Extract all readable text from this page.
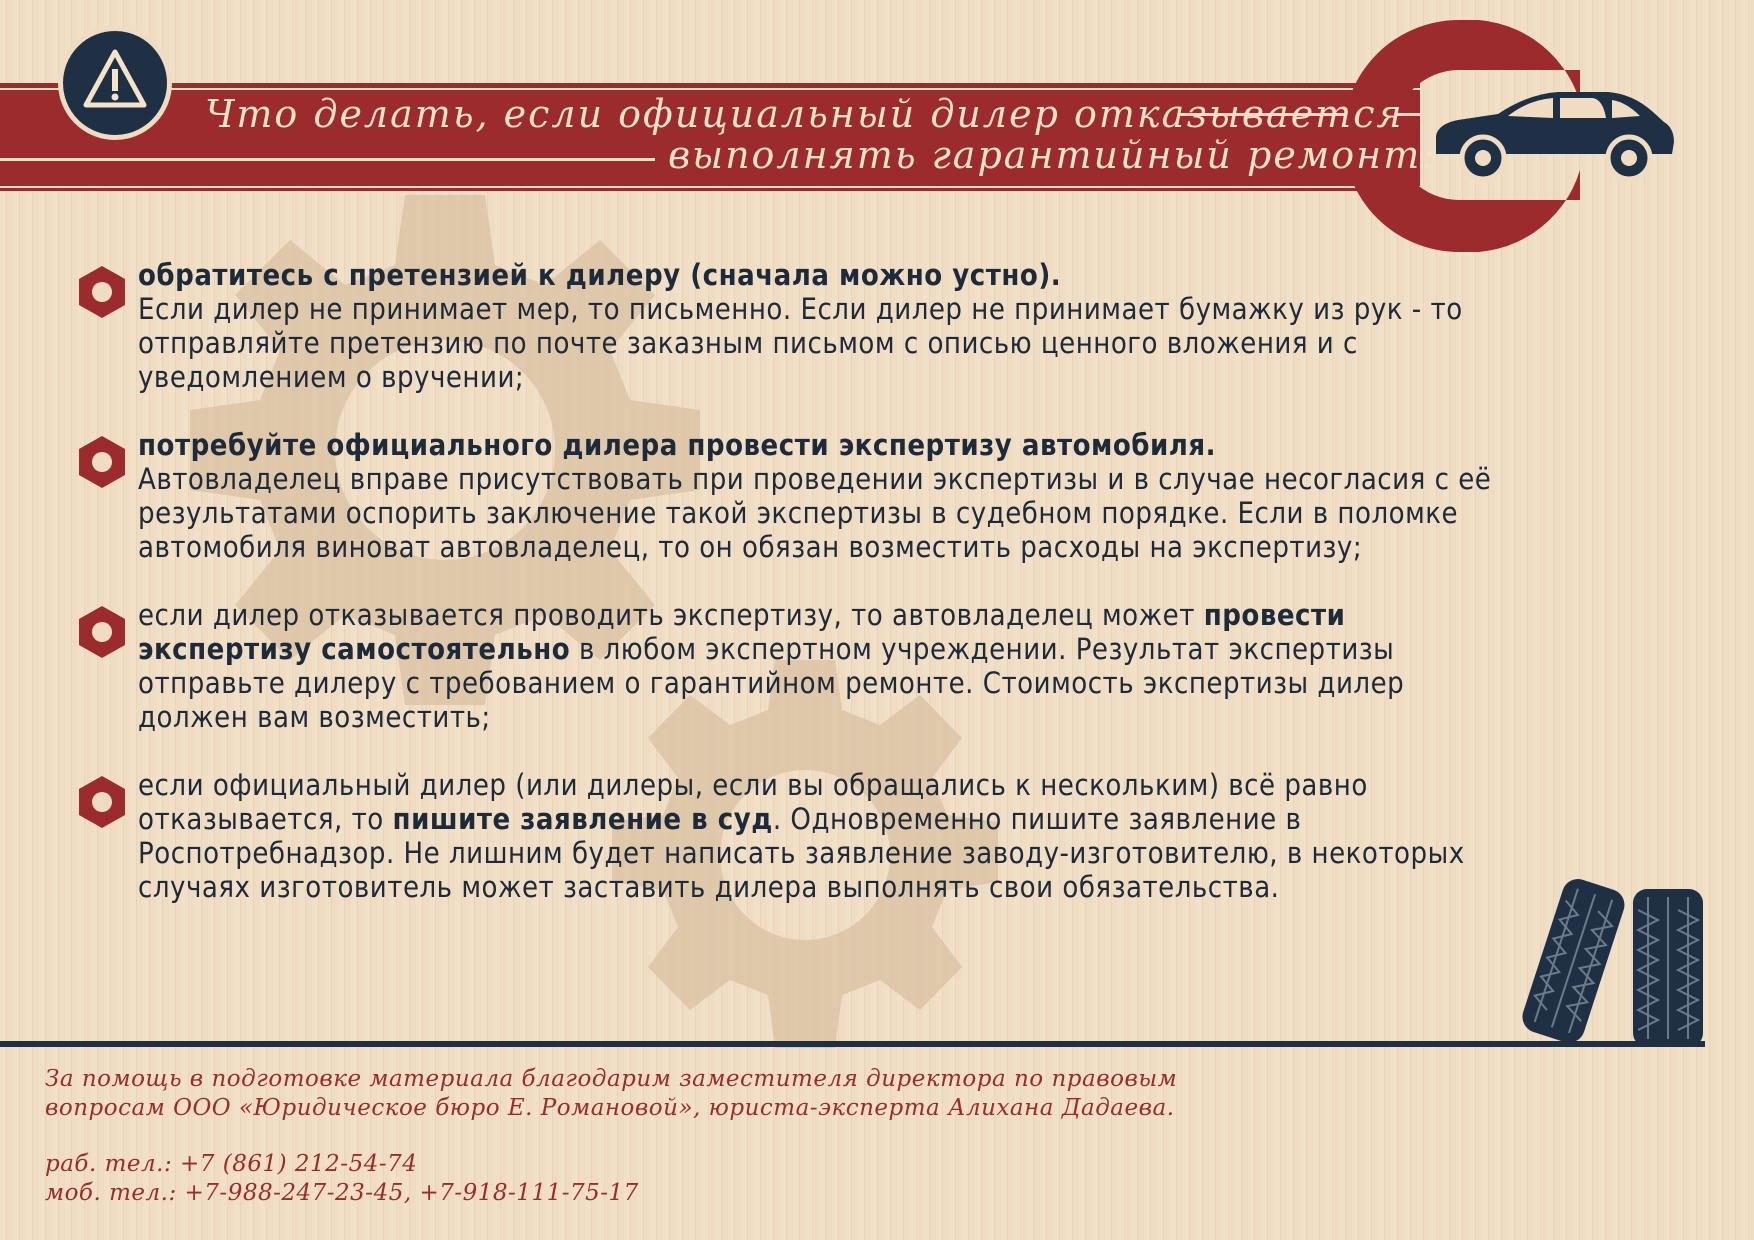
Что делать, если официальный дилер отказывается
выполнять гарантийный ремонт:
обратитесь с претензией к дилеру (сначала можно устно).
Если дилер не принимает мер, то письменно. Если дилер не принимает бумажку из рук - то отправляйте претензию по почте заказным письмом с описью ценного вложения и с уведомлением о вручении;
потребуйте официального дилера провести экспертизу автомобиля.
Автовладелец вправе присутствовать при проведении экспертизы и в случае несогласия с её результатами оспорить заключение такой экспертизы в судебном порядке. Если в поломке автомобиля виноват автовладелец, то он обязан возместить расходы на экспертизу;
если дилер отказывается проводить экспертизу, то автовладелец может провести экспертизу самостоятельно в любом экспертном учреждении. Результат экспертизы отправьте дилеру с требованием о гарантийном ремонте. Стоимость экспертизы дилер должен вам возместить;
если официальный дилер (или дилеры, если вы обращались к нескольким) всё равно отказывается, то пишите заявление в суд. Одновременно пишите заявление в Роспотребнадзор. Не лишним будет написать заявление заводу-изготовителю, в некоторых случаях изготовитель может заставить дилера выполнять свои обязательства.
За помощь в подготовке материала благодарим заместителя директора по правовым
вопросам ООО «Юридическое бюро Е. Романовой», юриста-эксперта Алихана Дадаева.
раб. тел.: +7 (861) 212-54-74
моб. тел.: +7-988-247-23-45, +7-918-111-75-17
